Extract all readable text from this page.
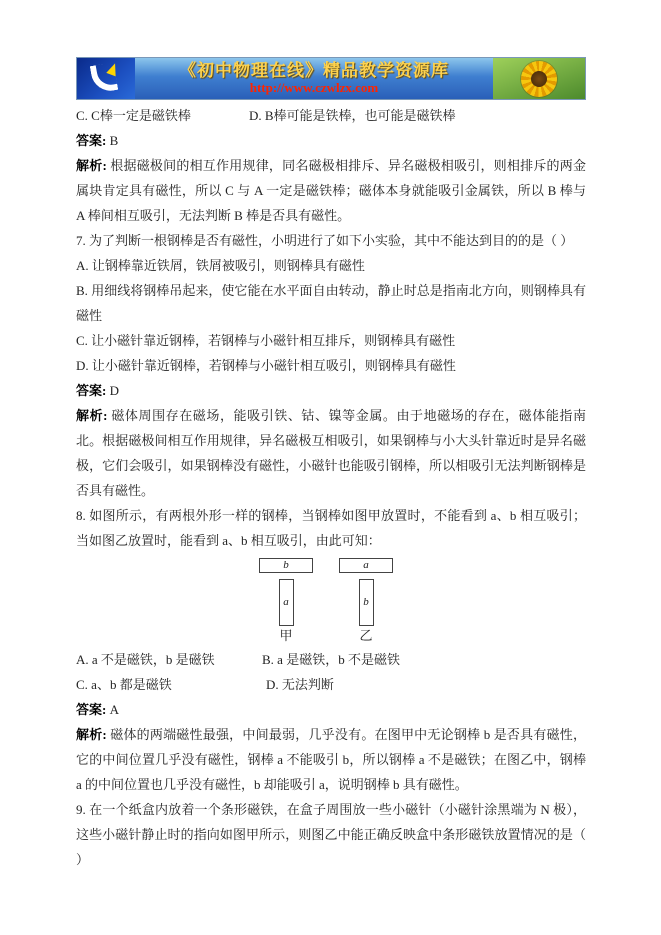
《初中物理在线》精品教学资源库
http://www.czwlzx.com

C. C棒一定是磁铁棒	D. B棒可能是铁棒，也可能是磁铁棒

答案: B

解析: 根据磁极间的相互作用规律，同名磁极相排斥、异名磁极相吸引，则相排斥的两金属块肯定具有磁性，所以 C 与 A 一定是磁铁棒；磁体本身就能吸引金属铁，所以 B 棒与 A 棒间相互吸引，无法判断 B 棒是否具有磁性。

7. 为了判断一根钢棒是否有磁性，小明进行了如下小实验，其中不能达到目的的是（ ）

A. 让钢棒靠近铁屑，铁屑被吸引，则钢棒具有磁性

B. 用细线将钢棒吊起来，使它能在水平面自由转动，静止时总是指南北方向，则钢棒具有磁性

C. 让小磁针靠近钢棒，若钢棒与小磁针相互排斥，则钢棒具有磁性

D. 让小磁针靠近钢棒，若钢棒与小磁针相互吸引，则钢棒具有磁性

答案: D

解析: 磁体周围存在磁场，能吸引铁、钴、镍等金属。由于地磁场的存在，磁体能指南北。根据磁极间相互作用规律，异名磁极互相吸引，如果钢棒与小大头针靠近时是异名磁极，它们会吸引，如果钢棒没有磁性，小磁针也能吸引钢棒，所以相吸引无法判断钢棒是否具有磁性。

8. 如图所示，有两根外形一样的钢棒，当钢棒如图甲放置时，不能看到 a、b 相互吸引；当如图乙放置时，能看到 a、b 相互吸引，由此可知：

b
a
甲
a
b
乙

A. a 不是磁铁，b 是磁铁	B. a 是磁铁，b 不是磁铁

C. a、b 都是磁铁	D. 无法判断

答案: A

解析: 磁体的两端磁性最强，中间最弱，几乎没有。在图甲中无论钢棒 b 是否具有磁性，它的中间位置几乎没有磁性，钢棒 a 不能吸引 b，所以钢棒 a 不是磁铁；在图乙中，钢棒 a 的中间位置也几乎没有磁性，b 却能吸引 a，说明钢棒 b 具有磁性。

9. 在一个纸盒内放着一个条形磁铁，在盒子周围放一些小磁针（小磁针涂黑端为 N 极），这些小磁针静止时的指向如图甲所示，则图乙中能正确反映盒中条形磁铁放置情况的是（ ）
